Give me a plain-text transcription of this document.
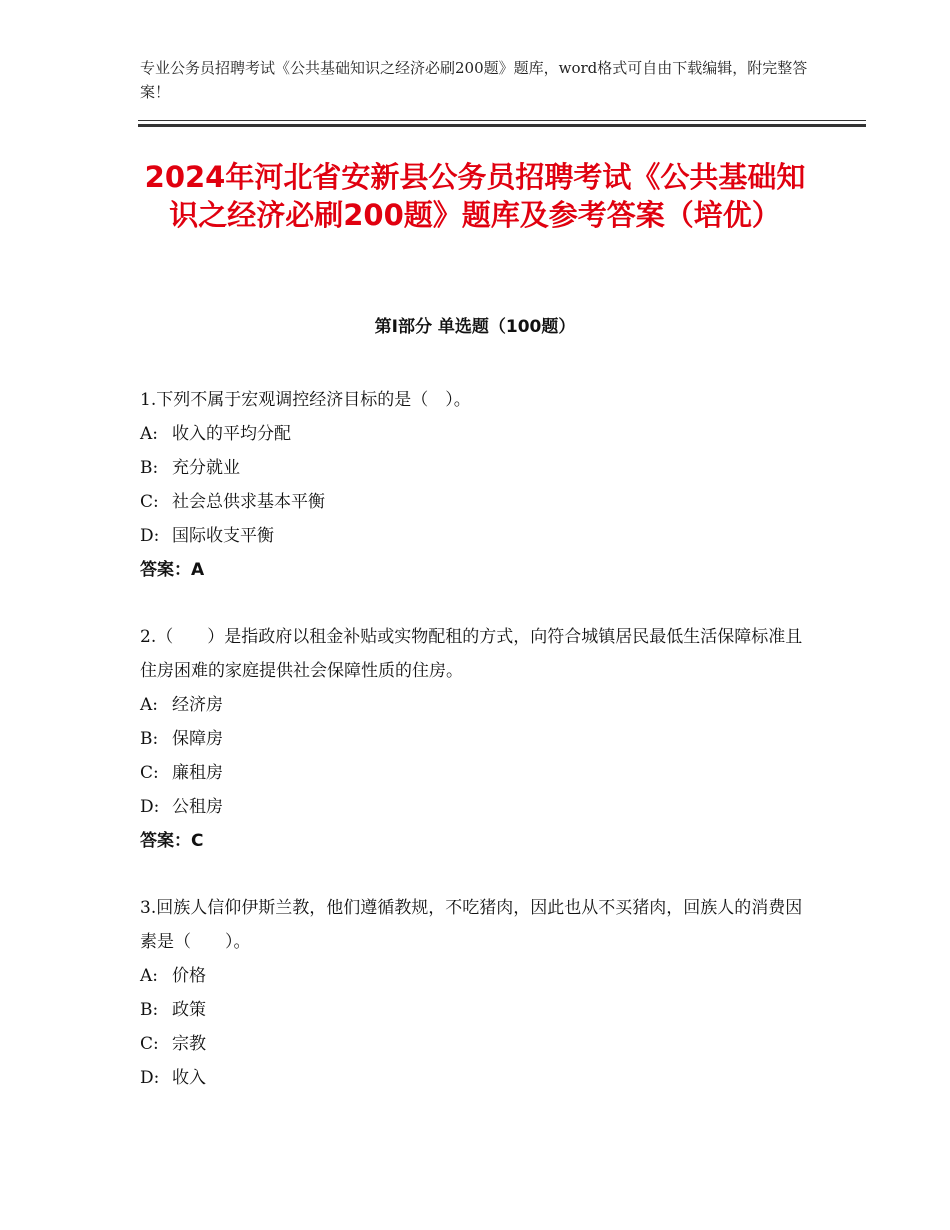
专业公务员招聘考试《公共基础知识之经济必刷200题》题库，word格式可自由下载编辑，附完整答案！
2024年河北省安新县公务员招聘考试《公共基础知识之经济必刷200题》题库及参考答案（培优）
第Ⅰ部分 单选题（100题）
1.下列不属于宏观调控经济目标的是（　）。
A: 收入的平均分配
B: 充分就业
C: 社会总供求基本平衡
D: 国际收支平衡
答案：A
2.（　　）是指政府以租金补贴或实物配租的方式，向符合城镇居民最低生活保障标准且住房困难的家庭提供社会保障性质的住房。
A: 经济房
B: 保障房
C: 廉租房
D: 公租房
答案：C
3.回族人信仰伊斯兰教，他们遵循教规，不吃猪肉，因此也从不买猪肉，回族人的消费因素是（　　）。
A: 价格
B: 政策
C: 宗教
D: 收入
